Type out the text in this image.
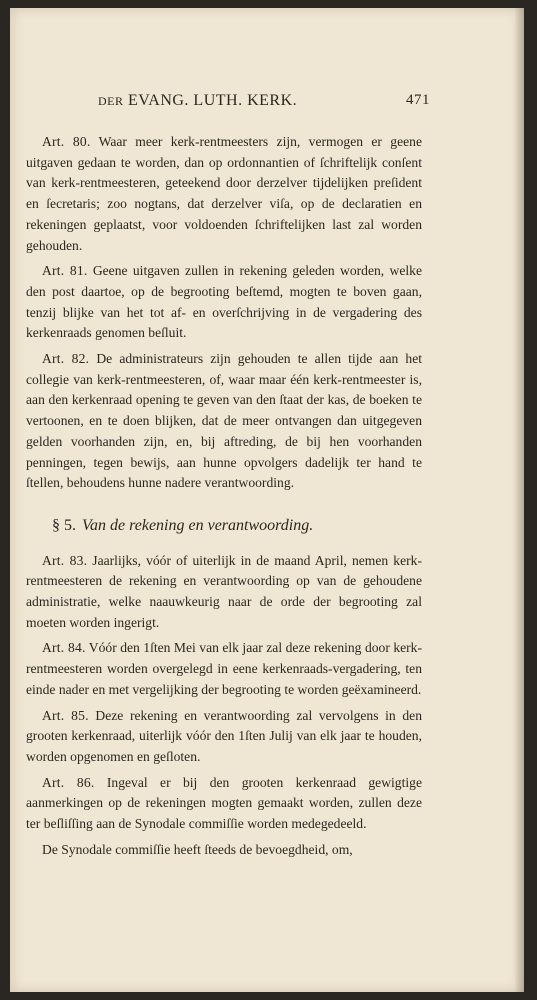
DER EVANG. LUTH. KERK.	471

Art. 80. Waar meer kerk-rentmeesters zijn, vermogen er geene uitgaven gedaan te worden, dan op ordonnantien of ſchriftelijk conſent van kerk-rentmeesteren, geteekend door derzelver tijdelijken preſident en ſecretaris; zoo nogtans, dat derzelver viſa, op de declaratien en rekeningen geplaatst, voor voldoenden ſchriftelijken last zal worden gehouden.

Art. 81. Geene uitgaven zullen in rekening geleden worden, welke den post daartoe, op de begrooting beſtemd, mogten te boven gaan, tenzij blijke van het tot af- en overſchrijving in de vergadering des kerkenraads genomen beſluit.

Art. 82. De administrateurs zijn gehouden te allen tijde aan het collegie van kerk-rentmeesteren, of, waar maar één kerk-rentmeester is, aan den kerkenraad opening te geven van den ſtaat der kas, de boeken te vertoonen, en te doen blijken, dat de meer ontvangen dan uitgegeven gelden voorhanden zijn, en, bij aftreding, de bij hen voorhanden penningen, tegen bewijs, aan hunne opvolgers dadelijk ter hand te ſtellen, behoudens hunne nadere verantwoording.

§ 5. Van de rekening en verantwoording.

Art. 83. Jaarlijks, vóór of uiterlijk in de maand April, nemen kerk-rentmeesteren de rekening en verantwoording op van de gehoudene administratie, welke naauwkeurig naar de orde der begrooting zal moeten worden ingerigt.

Art. 84. Vóór den 1ſten Mei van elk jaar zal deze rekening door kerk-rentmeesteren worden overgelegd in eene kerkenraads-vergadering, ten einde nader en met vergelijking der begrooting te worden geëxamineerd.

Art. 85. Deze rekening en verantwoording zal vervolgens in den grooten kerkenraad, uiterlijk vóór den 1ſten Julij van elk jaar te houden, worden opgenomen en geſloten.

Art. 86. Ingeval er bij den grooten kerkenraad gewigtige aanmerkingen op de rekeningen mogten gemaakt worden, zullen deze ter beſliſſing aan de Synodale commiſſie worden medegedeeld.

De Synodale commiſſie heeft ſteeds de bevoegdheid, om,
